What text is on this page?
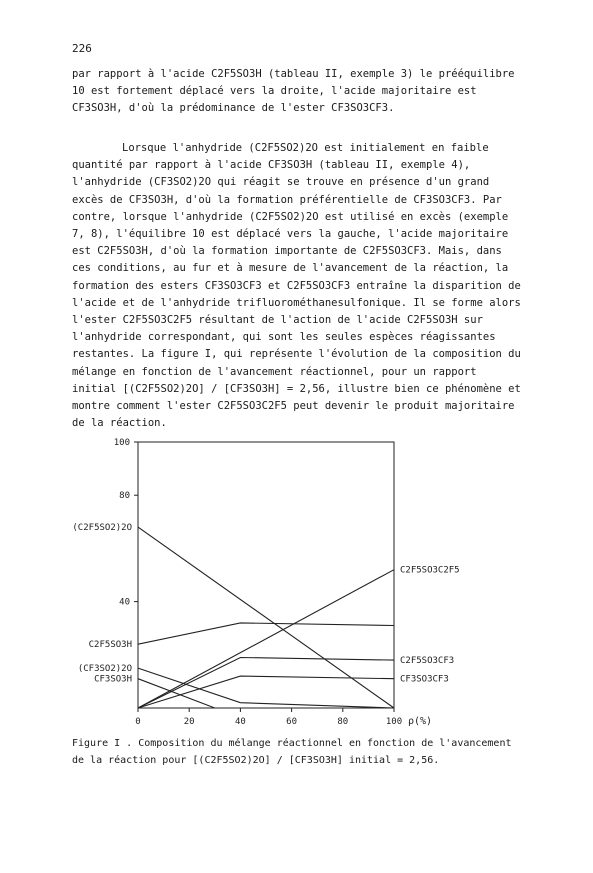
226
par rapport à l'acide C2F5SO3H (tableau II, exemple 3) le prééquilibre 10 est fortement déplacé vers la droite, l'acide majoritaire est CF3SO3H, d'où la prédominance de l'ester CF3SO3CF3.
Lorsque l'anhydride (C2F5SO2)2O est initialement en faible quantité par rapport à l'acide CF3SO3H (tableau II, exemple 4), l'anhydride (CF3SO2)2O qui réagit se trouve en présence d'un grand excès de CF3SO3H, d'où la formation préférentielle de CF3SO3CF3. Par contre, lorsque l'anhydride (C2F5SO2)2O est utilisé en excès (exemple 7, 8), l'équilibre 10 est déplacé vers la gauche, l'acide majoritaire est C2F5SO3H, d'où la formation importante de C2F5SO3CF3. Mais, dans ces conditions, au fur et à mesure de l'avancement de la réaction, la formation des esters CF3SO3CF3 et C2F5SO3CF3 entraîne la disparition de l'acide et de l'anhydride trifluorométhanesulfonique. Il se forme alors l'ester C2F5SO3C2F5 résultant de l'action de l'acide C2F5SO3H sur l'anhydride correspondant, qui sont les seules espèces réagissantes restantes. La figure I, qui représente l'évolution de la composition du mélange en fonction de l'avancement réactionnel, pour un rapport initial [(C2F5SO2)2O] / [CF3SO3H] = 2,56, illustre bien ce phénomène et montre comment l'ester C2F5SO3C2F5 peut devenir le produit majoritaire de la réaction.
40
80
100
0	20	40	60	80	100 ρ(%)
(C2F5SO2)2O
C2F5SO3C2F5
C2F5SO3H
(CF3SO2)2O
CF3SO3H
C2F5SO3CF3
CF3SO3CF3
Figure I . Composition du mélange réactionnel en fonction de l'avancement de la réaction pour [(C2F5SO2)2O] / [CF3SO3H] initial = 2,56.
